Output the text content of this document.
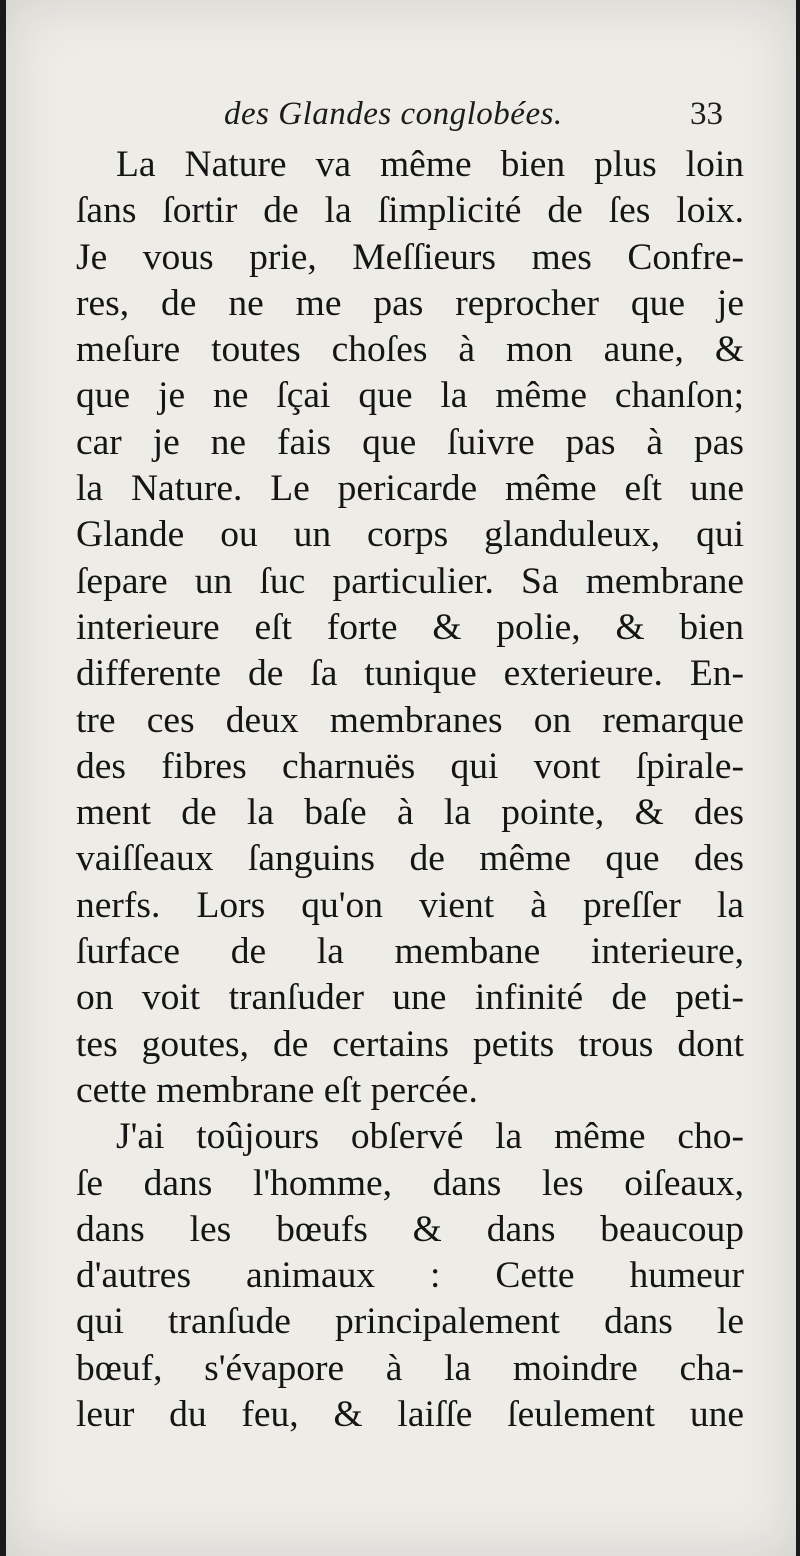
des Glandes conglobées.	33
La Nature va même bien plus loin
ſans ſortir de la ſimplicité de ſes loix.
Je vous prie, Meſſieurs mes Confre-
res, de ne me pas reprocher que je
meſure toutes choſes à mon aune, &
que je ne ſçai que la même chanſon;
car je ne fais que ſuivre pas à pas
la Nature. Le pericarde même eſt une
Glande ou un corps glanduleux, qui
ſepare un ſuc particulier. Sa membrane
interieure eſt forte & polie, & bien
differente de ſa tunique exterieure. En-
tre ces deux membranes on remarque
des fibres charnuës qui vont ſpirale-
ment de la baſe à la pointe, & des
vaiſſeaux ſanguins de même que des
nerfs. Lors qu'on vient à preſſer la
ſurface de la membane interieure,
on voit tranſuder une infinité de peti-
tes goutes, de certains petits trous dont
cette membrane eſt percée.
J'ai toûjours obſervé la même cho-
ſe dans l'homme, dans les oiſeaux,
dans les bœufs & dans beaucoup
d'autres animaux : Cette humeur
qui tranſude principalement dans le
bœuf, s'évapore à la moindre cha-
leur du feu, & laiſſe ſeulement une
